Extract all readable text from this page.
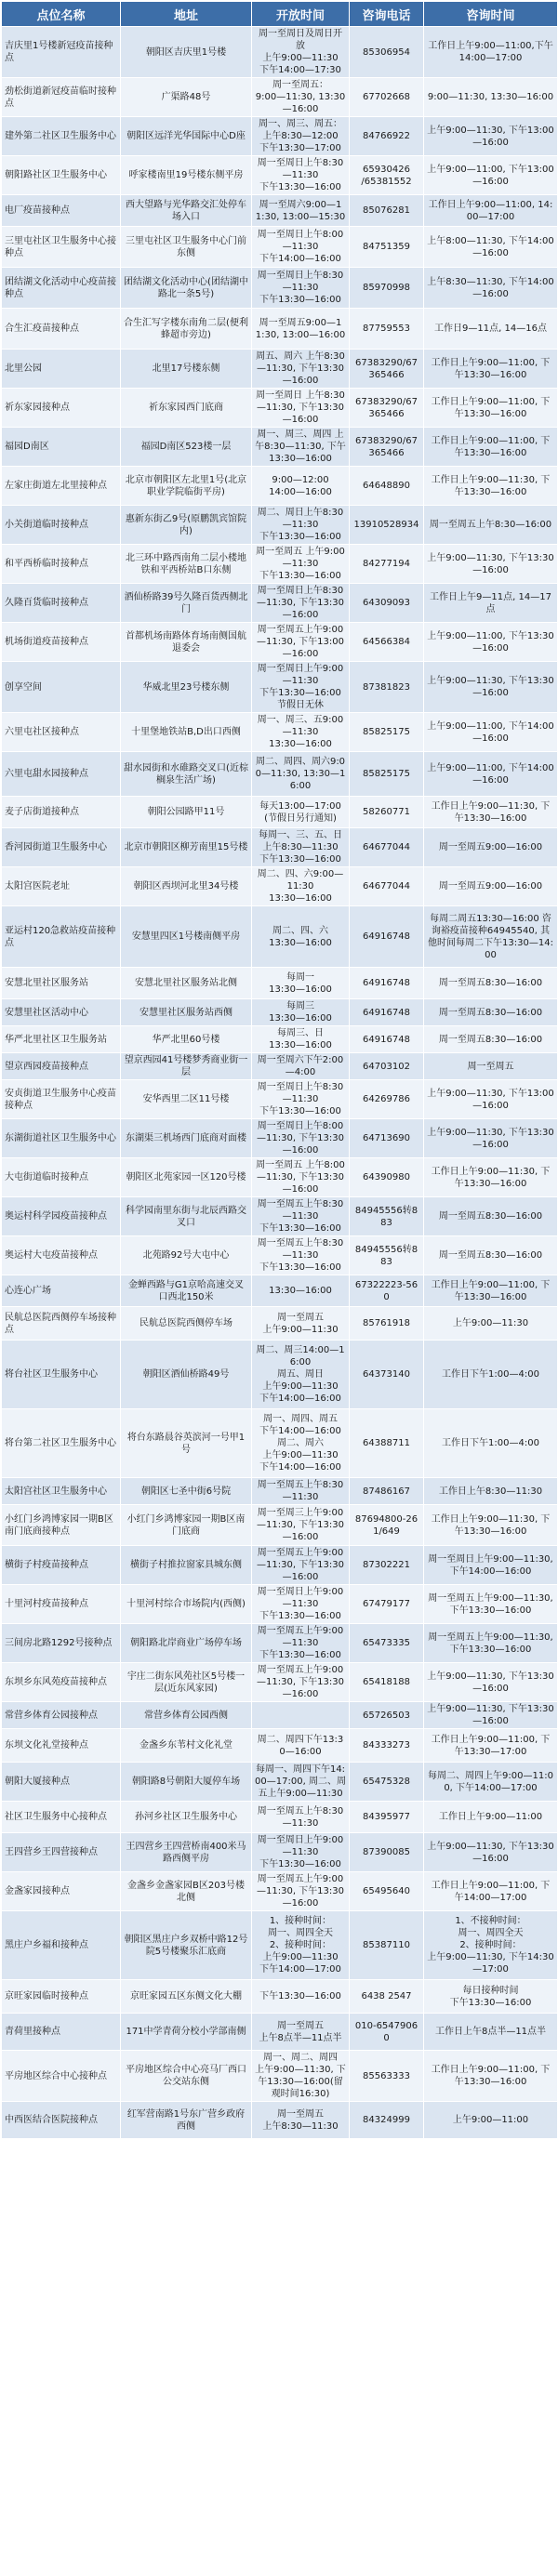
点位名称	地址	开放时间	咨询电话	咨询时间
吉庆里1号楼新冠疫苗接种点	朝阳区吉庆里1号楼	周一至周日及周日开放
上午9:00—11:30
下午14:00—17:30	85306954	工作日上午9:00—11:00,下午14:00—17:00
劲松街道新冠疫苗临时接种点	广渠路48号	周一至周五：
9:00—11:30, 13:30—16:00	67702668	9:00—11:30, 13:30—16:00
建外第二社区卫生服务中心	朝阳区远洋光华国际中心D座	周一、周三、周五：
上午8:30—12:00
下午13:30—17:00	84766922	上午9:00—11:30, 下午13:00—16:00
朝阳路社区卫生服务中心	呼家楼南里19号楼东侧平房	周一至周日上午8:30—11:30
下午13:30—16:00	65930426
/65381552	上午9:00—11:00, 下午13:00—16:00
电厂疫苗接种点	西大望路与光华路交汇处停车场入口	周一至周六9:00—11:30, 13:00—15:30	85076281	工作日上午9:00—11:00, 14:00—17:00
三里屯社区卫生服务中心接种点	三里屯社区卫生服务中心门前东侧	周一至周日上午8:00—11:30
下午14:00—16:00	84751359	上午8:00—11:30, 下午14:00—16:00
团结湖文化活动中心疫苗接种点	团结湖文化活动中心(团结湖中路北一条5号)	周一至周日上午8:30—11:30
下午13:30—16:00	85970998	上午8:30—11:30, 下午14:00—16:00
合生汇疫苗接种点	合生汇写字楼东南角二层(便利蜂超市旁边)	周一至周五9:00—11:30, 13:00—16:00	87759553	工作日9—11点, 14—16点
北里公园	北里17号楼东侧	周五、周六 上午8:30—11:30, 下午13:30—16:00	67383290/67365466	工作日上午9:00—11:00, 下午13:30—16:00
祈东家园接种点	祈东家园西门底商	周一至周日 上午8:30—11:30, 下午13:30—16:00	67383290/67365466	工作日上午9:00—11:00, 下午13:30—16:00
福园D南区	福园D南区523楼一层	周一、周三、周四 上午8:30—11:30, 下午13:30—16:00	67383290/67365466	工作日上午9:00—11:00, 下午13:30—16:00
左家庄街道左北里接种点	北京市朝阳区左北里1号(北京职业学院临街平房)	9:00—12:00
14:00—16:00	64648890	工作日上午9:00—11:30, 下午13:30—16:00
小关街道临时接种点	惠新东街乙9号(原鹏凯宾馆院内)	周二、周日上午8:30—11:30
下午13:30—16:00	13910528934	周一至周五上午8:30—16:00
和平西桥临时接种点	北三环中路西南角二层小楼地铁和平西桥站B口东侧	周一至周五 上午9:00—11:30
下午13:30—16:00	84277194	上午9:00—11:30, 下午13:30—16:00
久隆百货临时接种点	酒仙桥路39号久隆百货西侧北门	周一至周日上午8:30—11:30, 下午13:30—16:00	64309093	工作日上午9—11点, 14—17点
机场街道疫苗接种点	首都机场南路体育场南侧国航退委会	周一至周五上午9:00—11:30, 下午13:00—16:00	64566384	上午9:00—11:00, 下午13:30—16:00
创享空间	华威北里23号楼东侧	周一至周日上午9:00—11:30
下午13:30—16:00 节假日无休	87381823	上午9:00—11:30, 下午13:30—16:00
六里屯社区接种点	十里堡地铁站B,D出口西侧	周一、周三、五9:00—11:30
13:30—16:00	85825175	上午9:00—11:00, 下午14:00—16:00
六里屯甜水园接种点	甜水园街和水碓路交叉口(近棕榈泉生活广场)	周二、周四、周六9:00—11:30, 13:30—16:00	85825175	上午9:00—11:00, 下午14:00—16:00
麦子店街道接种点	朝阳公园路甲11号	每天13:00—17:00(节假日另行通知)	58260771	工作日上午9:00—11:30, 下午13:30—16:00
香河园街道卫生服务中心	北京市朝阳区柳芳南里15号楼	每周一、三、五、日上午8:30—11:30
下午13:30—16:00	64677044	周一至周五9:00—16:00
太阳宫医院老址	朝阳区西坝河北里34号楼	周二、四、六9:00—11:30
13:30—16:00	64677044	周一至周五9:00—16:00
亚运村120急救站疫苗接种点	安慧里四区1号楼南侧平房	周二、四、六
13:30—16:00	64916748	每周二周五13:30—16:00 咨询裕疫苗接种64945540, 其他时间每周二下午13:30—14:00
安慧北里社区服务站	安慧北里社区服务站北侧	每周一
13:30—16:00	64916748	周一至周五8:30—16:00
安慧里社区活动中心	安慧里社区服务站西侧	每周三
13:30—16:00	64916748	周一至周五8:30—16:00
华严北里社区卫生服务站	华严北里60号楼	每周三、日
13:30—16:00	64916748	周一至周五8:30—16:00
望京西园疫苗接种点	望京西园41号楼梦秀商业街一层	周一至周六下午2:00—4:00	64703102	周一至周五
安贞街道卫生服务中心疫苗接种点	安华西里二区11号楼	周一至周日上午8:30—11:30
下午13:30—16:00	64269786	上午9:00—11:30, 下午13:00—16:00
东湖街道社区卫生服务中心	东湖渠三机场西门底商对面楼	周一至周日上午8:00—11:30, 下午13:30—16:00	64713690	上午9:00—11:30, 下午13:30—16:00
大屯街道临时接种点	朝阳区北苑家园一区120号楼	周一至周五 上午8:00—11:30, 下午13:30—16:00	64390980	工作日上午9:00—11:30, 下午13:30—16:00
奥运村科学园疫苗接种点	科学园南里东街与北辰西路交叉口	周一至周五上午8:30—11:30
下午13:30—16:00	84945556转883	周一至周五8:30—16:00
奥运村大屯疫苗接种点	北苑路92号大屯中心	周一至周五上午8:30—11:30
下午13:30—16:00	84945556转883	周一至周五8:30—16:00
心连心广场	金蝉西路与G1京哈高速交叉口西北150米	13:30—16:00	67322223-560	工作日上午9:00—11:00, 下午13:30—16:00
民航总医院西侧停车场接种点	民航总医院西侧停车场	周一至周五
上午9:00—11:30	85761918	上午9:00—11:30
将台社区卫生服务中心	朝阳区酒仙桥路49号	周二、周三14:00—16:00
周五、周日
上午9:00—11:30
下午14:00—16:00	64373140	工作日下午1:00—4:00
将台第二社区卫生服务中心	将台东路晨谷英滨河一号甲1号	周一、周四、周五
下午14:00—16:00
周二、周六
上午9:00—11:30
下午14:00—16:00	64388711	工作日下午1:00—4:00
太阳宫社区卫生服务中心	朝阳区七圣中街6号院	周一至周五上午8:30—11:30	87486167	工作日上午8:30—11:30
小红门乡鸿博家园一期B区南门底商接种点	小红门乡鸿博家园一期B区南门底商	周一至周三上午9:00—11:30, 下午13:30—16:00	87694800-261/649	工作日上午9:00—11:30, 下午13:30—16:00
横街子村疫苗接种点	横街子村推拉窗家具城东侧	周一至周五上午9:00—11:30, 下午13:30—16:00	87302221	周一至周日上午9:00—11:30, 下午14:00—16:00
十里河村疫苗接种点	十里河村综合市场院内(西侧)	周一至周日上午9:00—11:30
下午13:30—16:00	67479177	周一至周五上午9:00—11:30, 下午13:30—16:00
三间房北路1292号接种点	朝阳路北岸商业广场停车场	周一至周五上午9:00—11:30
下午13:30—16:00	65473335	周一至周五上午9:00—11:30, 下午13:30—16:00
东坝乡东风苑疫苗接种点	宇庄二街东风苑社区5号楼一层(近东风家园)	周一至周五上午9:00—11:30, 下午13:30—16:00	65418188	上午9:00—11:30, 下午13:30—16:00
常营乡体育公园接种点	常营乡体育公园西侧		65726503	上午9:00—11:30, 下午13:30—16:00
东坝文化礼堂接种点	金盏乡东苇村文化礼堂	周二、周四下午13:30—16:00	84333273	工作日上午9:00—11:00, 下午13:30—17:00
朝阳大厦接种点	朝阳路8号朝阳大厦停车场	每周一、周四下午14:00—17:00, 周二、周五上午9:00—11:30	65475328	每周二、周四上午9:00—11:00, 下午14:00—17:00
社区卫生服务中心接种点	孙河乡社区卫生服务中心	周一至周五上午8:30—11:30	84395977	工作日上午9:00—11:00
王四营乡王四营接种点	王四营乡王四营桥南400米马路西侧平房	周一至周日上午9:00—11:30
下午13:30—16:00	87390085	上午9:00—11:30, 下午13:30—16:00
金盏家园接种点	金盏乡金盏家园B区203号楼北侧	周一至周五上午9:00—11:30, 下午13:30—16:00	65495640	工作日上午9:00—11:00, 下午14:00—17:00
黑庄户乡福和接种点	朝阳区黑庄户乡双桥中路12号院5号楼聚乐汇底商	1、接种时间：
周一、周四全天
2、接种时间：
上午9:00—11:30
下午14:00—17:00	85387110	1、不接种时间：
周一、周四全天
2、接种时间：
上午9:00—11:30, 下午14:30—17:00
京旺家园临时接种点	京旺家园五区东侧文化大棚	下午13:30—16:00	6438 2547	每日接种时间
下午13:30—16:00
青荷里接种点	171中学青荷分校小学部南侧	周一至周五
上午8点半—11点半	010-65479060	工作日上午8点半—11点半
平房地区综合中心接种点	平房地区综合中心亮马厂西口公交站东侧	周一、周二、周四
上午9:00—11:30, 下午13:30—16:00(留观时间16:30)	85563333	工作日上午9:00—11:00, 下午13:30—16:00
中西医结合医院接种点	红军营南路1号东广营乡政府西侧	周一至周五
上午8:30—11:30	84324999	上午9:00—11:00
